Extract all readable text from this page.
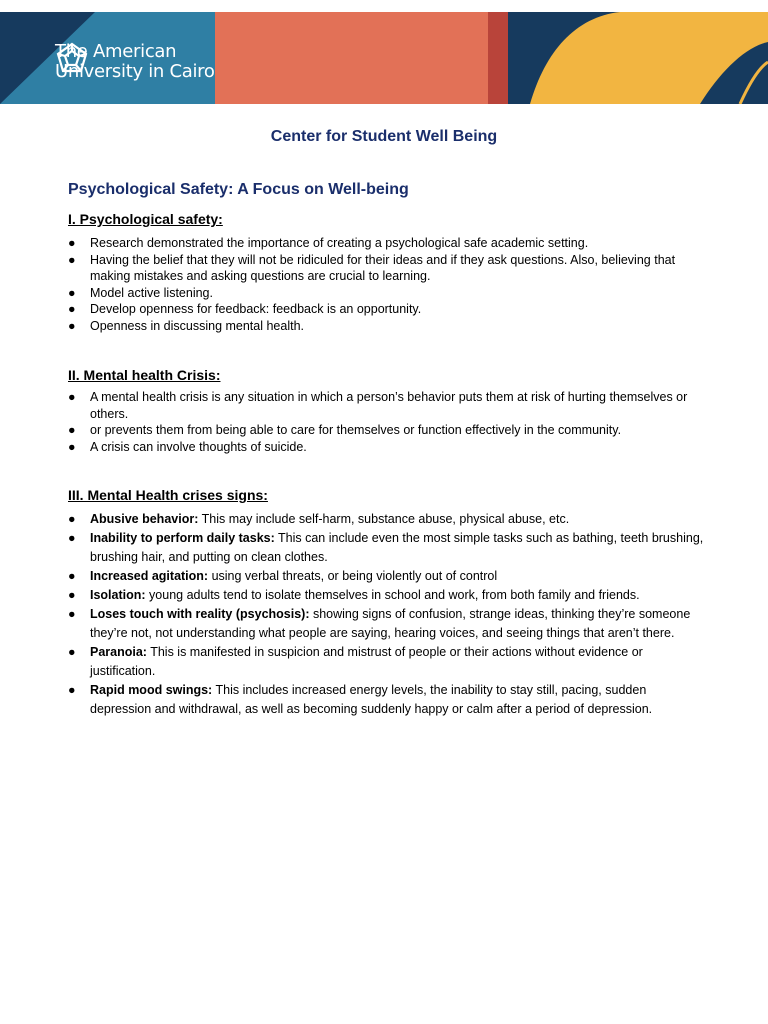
The American
University in Cairo
Center for Student Well Being
Psychological Safety: A Focus on Well-being
I. Psychological safety:
● Research demonstrated the importance of creating a psychological safe academic setting.
● Having the belief that they will not be ridiculed for their ideas and if they ask questions. Also, believing that making mistakes and asking questions are crucial to learning.
● Model active listening.
● Develop openness for feedback: feedback is an opportunity.
● Openness in discussing mental health.
II. Mental health Crisis:
● A mental health crisis is any situation in which a person’s behavior puts them at risk of hurting themselves or others.
● or prevents them from being able to care for themselves or function effectively in the community.
● A crisis can involve thoughts of suicide.
III. Mental Health crises signs:
● Abusive behavior: This may include self-harm, substance abuse, physical abuse, etc.
● Inability to perform daily tasks: This can include even the most simple tasks such as bathing, teeth brushing, brushing hair, and putting on clean clothes.
● Increased agitation: using verbal threats, or being violently out of control
● Isolation: young adults tend to isolate themselves in school and work, from both family and friends.
● Loses touch with reality (psychosis): showing signs of confusion, strange ideas, thinking they’re someone they’re not, not understanding what people are saying, hearing voices, and seeing things that aren’t there.
● Paranoia: This is manifested in suspicion and mistrust of people or their actions without evidence or justification.
● Rapid mood swings: This includes increased energy levels, the inability to stay still, pacing, sudden depression and withdrawal, as well as becoming suddenly happy or calm after a period of depression.
